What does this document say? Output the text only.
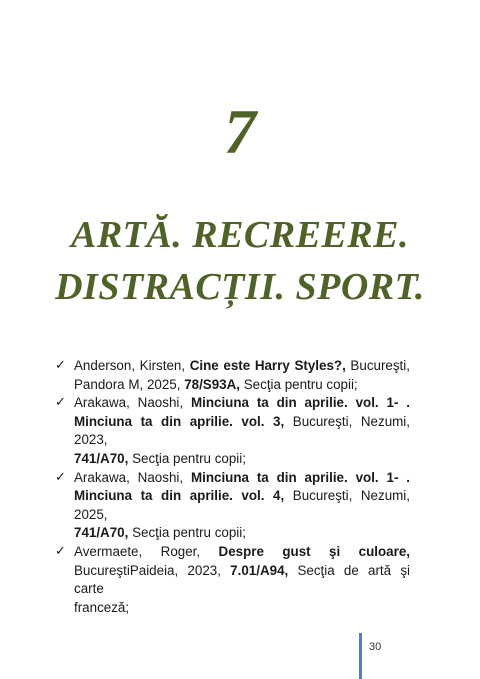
7
ARTĂ. RECREERE.
DISTRACȚII. SPORT.
✓ Anderson, Kirsten, Cine este Harry Styles?, Bucureşti,
Pandora M, 2025, 78/S93A, Secţia pentru copii;
✓ Arakawa, Naoshi, Minciuna ta din aprilie. vol. 1- .
Minciuna ta din aprilie. vol. 3, Bucureşti, Nezumi, 2023,
741/A70, Secţia pentru copii;
✓ Arakawa, Naoshi, Minciuna ta din aprilie. vol. 1- .
Minciuna ta din aprilie. vol. 4, Bucureşti, Nezumi, 2025,
741/A70, Secţia pentru copii;
✓ Avermaete, Roger, Despre gust şi culoare,
BucureştiPaideia, 2023, 7.01/A94, Secţia de artă şi carte
franceză;
30
